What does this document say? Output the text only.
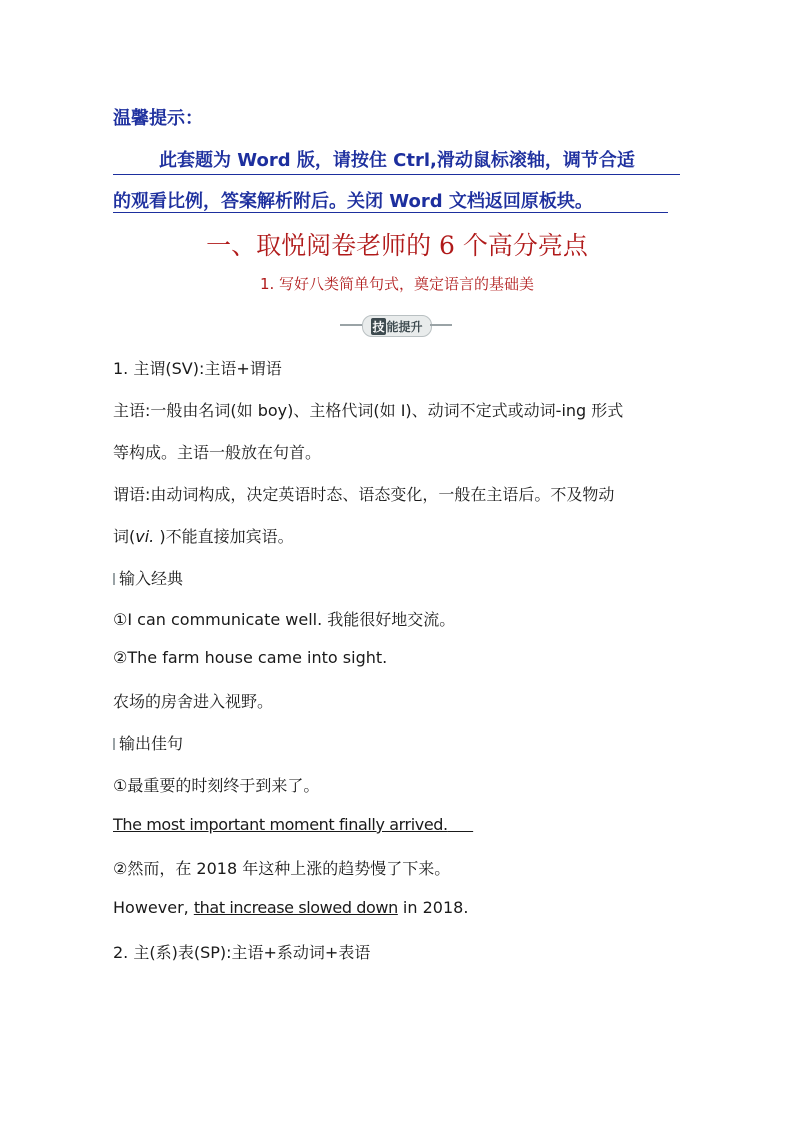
温馨提示：
此套题为 Word 版，请按住 Ctrl,滑动鼠标滚轴，调节合适
的观看比例，答案解析附后。关闭 Word 文档返回原板块。
一、取悦阅卷老师的 6 个高分亮点
1. 写好八类简单句式，奠定语言的基础美
技 能提升
1. 主谓(SV):主语+谓语
主语:一般由名词(如 boy)、主格代词(如 I)、动词不定式或动词-ing 形式
等构成。主语一般放在句首。
谓语:由动词构成，决定英语时态、语态变化，一般在主语后。不及物动
词(vi. )不能直接加宾语。
输入经典
①I can communicate well. 我能很好地交流。
②The farm house came into sight.
农场的房舍进入视野。
输出佳句
①最重要的时刻终于到来了。
The most important moment finally arrived.
②然而，在 2018 年这种上涨的趋势慢了下来。
However, that increase slowed down in 2018.
2. 主(系)表(SP):主语+系动词+表语
